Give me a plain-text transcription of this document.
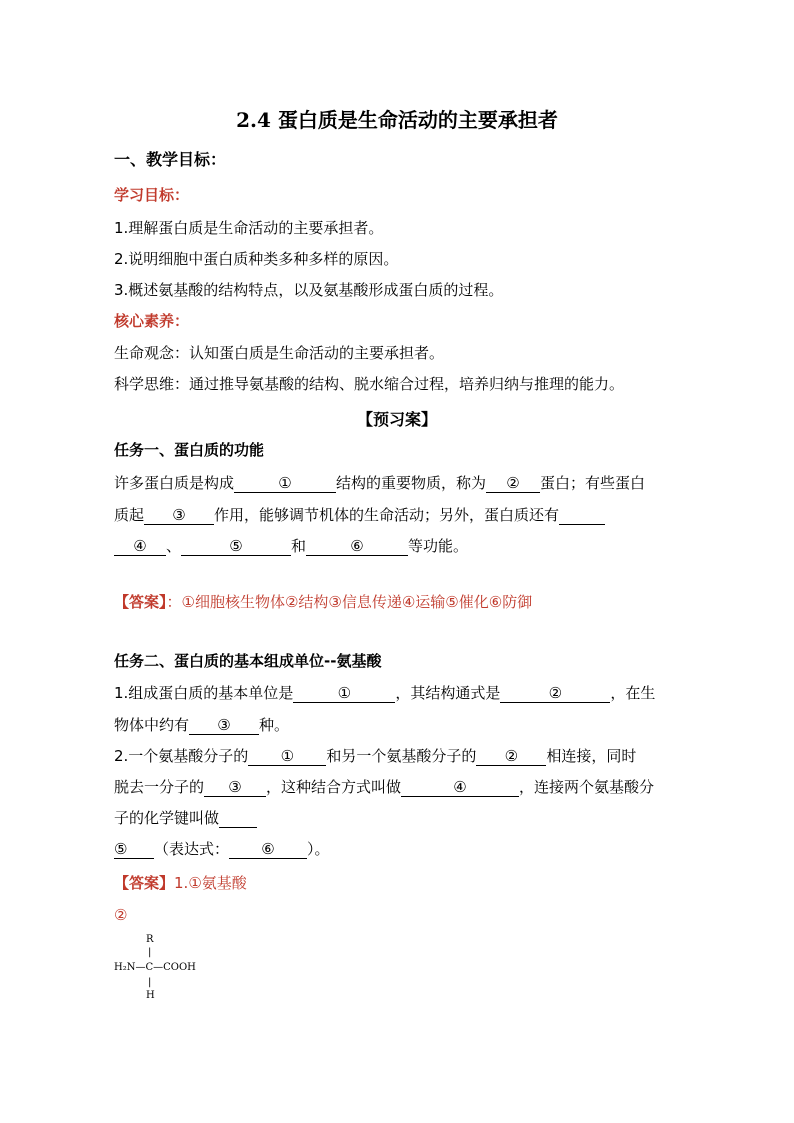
2.4 蛋白质是生命活动的主要承担者
一、教学目标：
学习目标：
1.理解蛋白质是生命活动的主要承担者。
2.说明细胞中蛋白质种类多种多样的原因。
3.概述氨基酸的结构特点，以及氨基酸形成蛋白质的过程。
核心素养：
生命观念：认知蛋白质是生命活动的主要承担者。
科学思维：通过推导氨基酸的结构、脱水缩合过程，培养归纳与推理的能力。
【预习案】
任务一、蛋白质的功能
许多蛋白质是构成	①	结构的重要物质，称为 ② 蛋白；有些蛋白
质起 ③ 作用，能够调节机体的生命活动；另外，蛋白质还有
④ 、	⑤	和	⑥	等功能。
【答案】：①细胞核生物体②结构③信息传递④运输⑤催化⑥防御
任务二、蛋白质的基本组成单位--氨基酸
1.组成蛋白质的基本单位是	①	，其结构通式是	②	，在生
物体中约有 ③ 种。
2.一个氨基酸分子的 ① 和另一个氨基酸分子的 ② 相连接，同时
脱去一分子的 ③ ，这种结合方式叫做	④	，连接两个氨基酸分
子的化学键叫做
⑤ （表达式： ⑥ ）。
【答案】1.①氨基酸
②
R
|
H₂N—C—COOH
|
H
